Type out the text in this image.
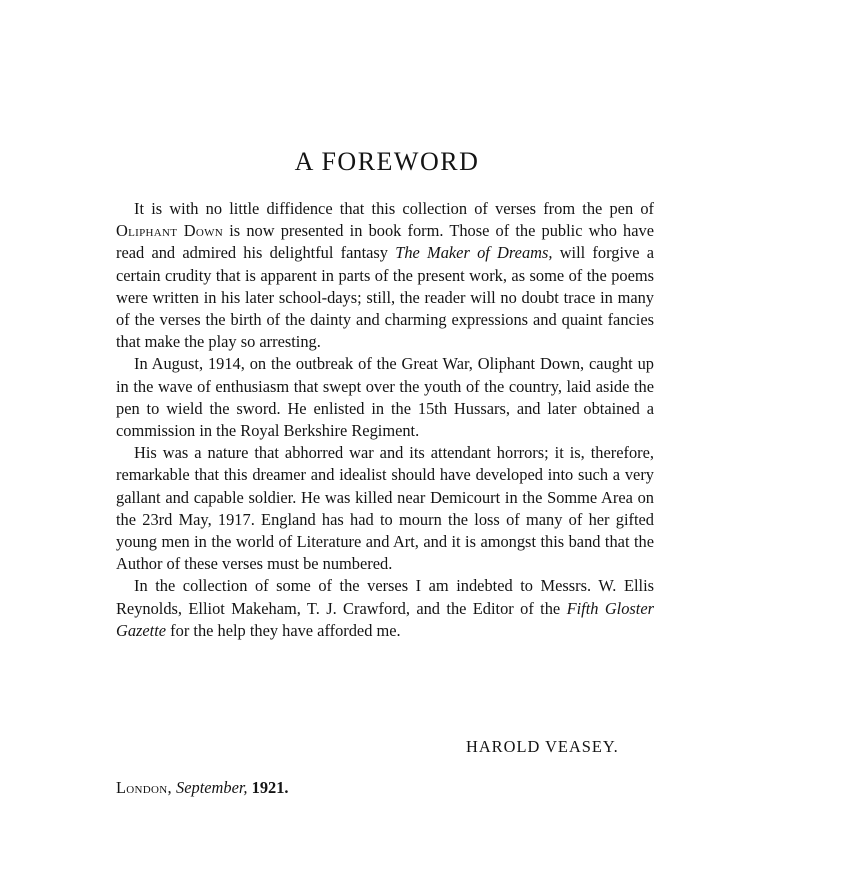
A FOREWORD

It is with no little diffidence that this collection of verses from the pen of Oliphant Down is now presented in book form. Those of the public who have read and admired his delightful fantasy The Maker of Dreams, will forgive a certain crudity that is apparent in parts of the present work, as some of the poems were written in his later school-days; still, the reader will no doubt trace in many of the verses the birth of the dainty and charming expressions and quaint fancies that make the play so arresting.

In August, 1914, on the outbreak of the Great War, Oliphant Down, caught up in the wave of enthusiasm that swept over the youth of the country, laid aside the pen to wield the sword. He enlisted in the 15th Hussars, and later obtained a commission in the Royal Berkshire Regiment.

His was a nature that abhorred war and its attendant horrors; it is, therefore, remarkable that this dreamer and idealist should have developed into such a very gallant and capable soldier. He was killed near Demicourt in the Somme Area on the 23rd May, 1917. England has had to mourn the loss of many of her gifted young men in the world of Literature and Art, and it is amongst this band that the Author of these verses must be numbered.

In the collection of some of the verses I am indebted to Messrs. W. Ellis Reynolds, Elliot Makeham, T. J. Crawford, and the Editor of the Fifth Gloster Gazette for the help they have afforded me.

HAROLD VEASEY.
London, September, 1921.
